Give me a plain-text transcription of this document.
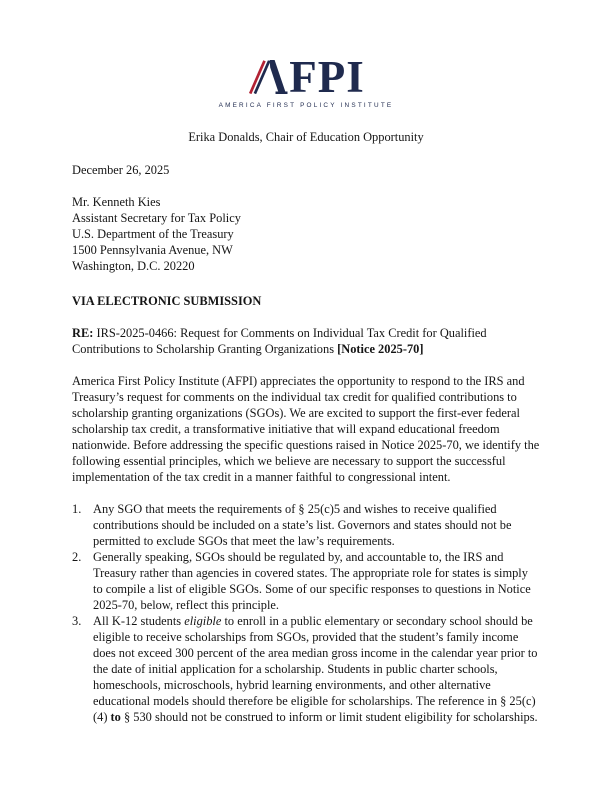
FPI
AMERICA FIRST POLICY INSTITUTE
Erika Donalds, Chair of Education Opportunity

December 26, 2025

Mr. Kenneth Kies
Assistant Secretary for Tax Policy
U.S. Department of the Treasury
1500 Pennsylvania Avenue, NW
Washington, D.C. 20220

VIA ELECTRONIC SUBMISSION

RE: IRS-2025-0466: Request for Comments on Individual Tax Credit for Qualified Contributions to Scholarship Granting Organizations [Notice 2025-70]

America First Policy Institute (AFPI) appreciates the opportunity to respond to the IRS and Treasury’s request for comments on the individual tax credit for qualified contributions to scholarship granting organizations (SGOs). We are excited to support the first-ever federal scholarship tax credit, a transformative initiative that will expand educational freedom nationwide. Before addressing the specific questions raised in Notice 2025-70, we identify the following essential principles, which we believe are necessary to support the successful implementation of the tax credit in a manner faithful to congressional intent.

1. Any SGO that meets the requirements of § 25(c)5 and wishes to receive qualified contributions should be included on a state’s list. Governors and states should not be permitted to exclude SGOs that meet the law’s requirements.
2. Generally speaking, SGOs should be regulated by, and accountable to, the IRS and Treasury rather than agencies in covered states. The appropriate role for states is simply to compile a list of eligible SGOs. Some of our specific responses to questions in Notice 2025-70, below, reflect this principle.
3. All K-12 students eligible to enroll in a public elementary or secondary school should be eligible to receive scholarships from SGOs, provided that the student’s family income does not exceed 300 percent of the area median gross income in the calendar year prior to the date of initial application for a scholarship. Students in public charter schools, homeschools, microschools, hybrid learning environments, and other alternative educational models should therefore be eligible for scholarships. The reference in § 25(c)(4) to § 530 should not be construed to inform or limit student eligibility for scholarships.
